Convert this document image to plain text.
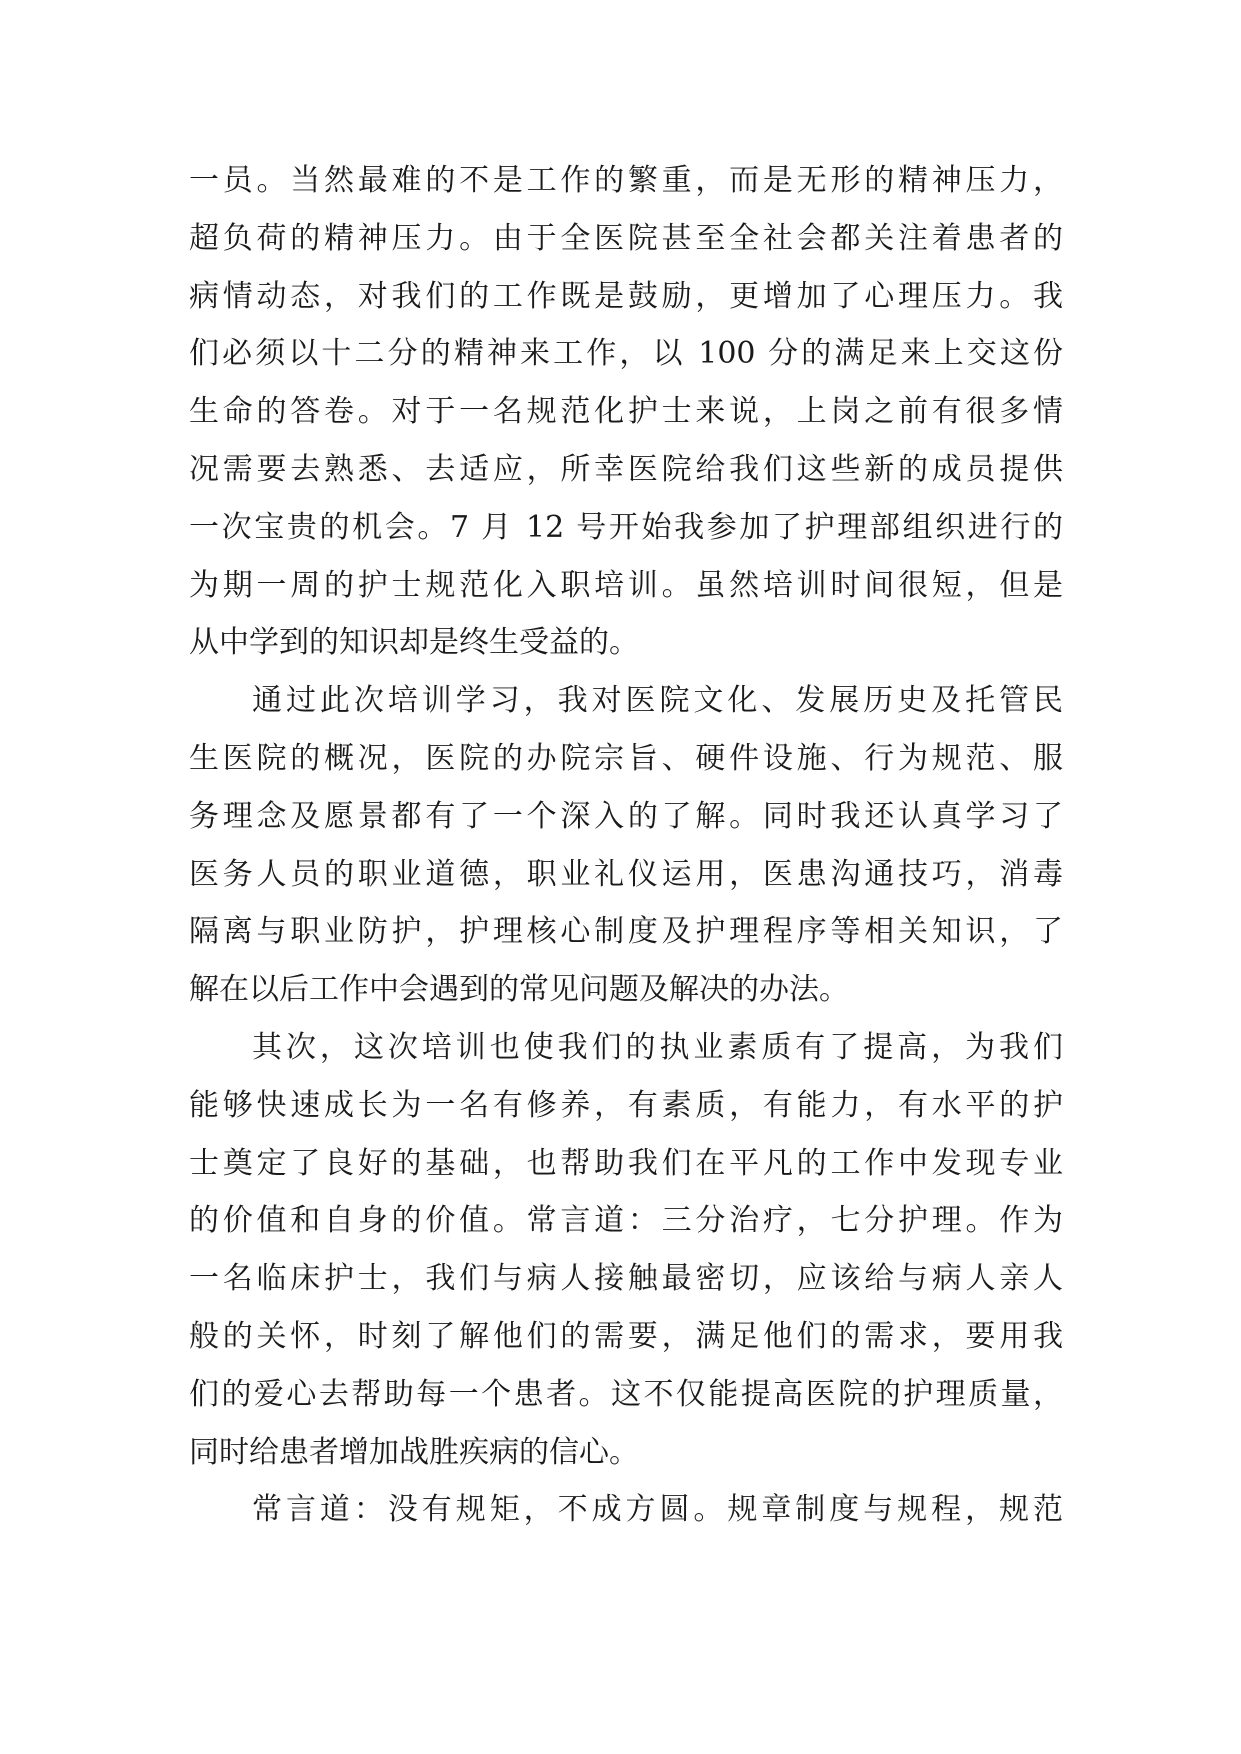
一员。当然最难的不是工作的繁重，而是无形的精神压力，
超负荷的精神压力。由于全医院甚至全社会都关注着患者的
病情动态，对我们的工作既是鼓励，更增加了心理压力。我
们必须以十二分的精神来工作，以 100 分的满足来上交这份
生命的答卷。对于一名规范化护士来说，上岗之前有很多情
况需要去熟悉、去适应，所幸医院给我们这些新的成员提供
一次宝贵的机会。7 月 12 号开始我参加了护理部组织进行的
为期一周的护士规范化入职培训。虽然培训时间很短，但是
从中学到的知识却是终生受益的。
通过此次培训学习，我对医院文化、发展历史及托管民
生医院的概况，医院的办院宗旨、硬件设施、行为规范、服
务理念及愿景都有了一个深入的了解。同时我还认真学习了
医务人员的职业道德，职业礼仪运用，医患沟通技巧，消毒
隔离与职业防护，护理核心制度及护理程序等相关知识，了
解在以后工作中会遇到的常见问题及解决的办法。
其次，这次培训也使我们的执业素质有了提高，为我们
能够快速成长为一名有修养，有素质，有能力，有水平的护
士奠定了良好的基础，也帮助我们在平凡的工作中发现专业
的价值和自身的价值。常言道：三分治疗，七分护理。作为
一名临床护士，我们与病人接触最密切，应该给与病人亲人
般的关怀，时刻了解他们的需要，满足他们的需求，要用我
们的爱心去帮助每一个患者。这不仅能提高医院的护理质量，
同时给患者增加战胜疾病的信心。
常言道：没有规矩，不成方圆。规章制度与规程，规范
